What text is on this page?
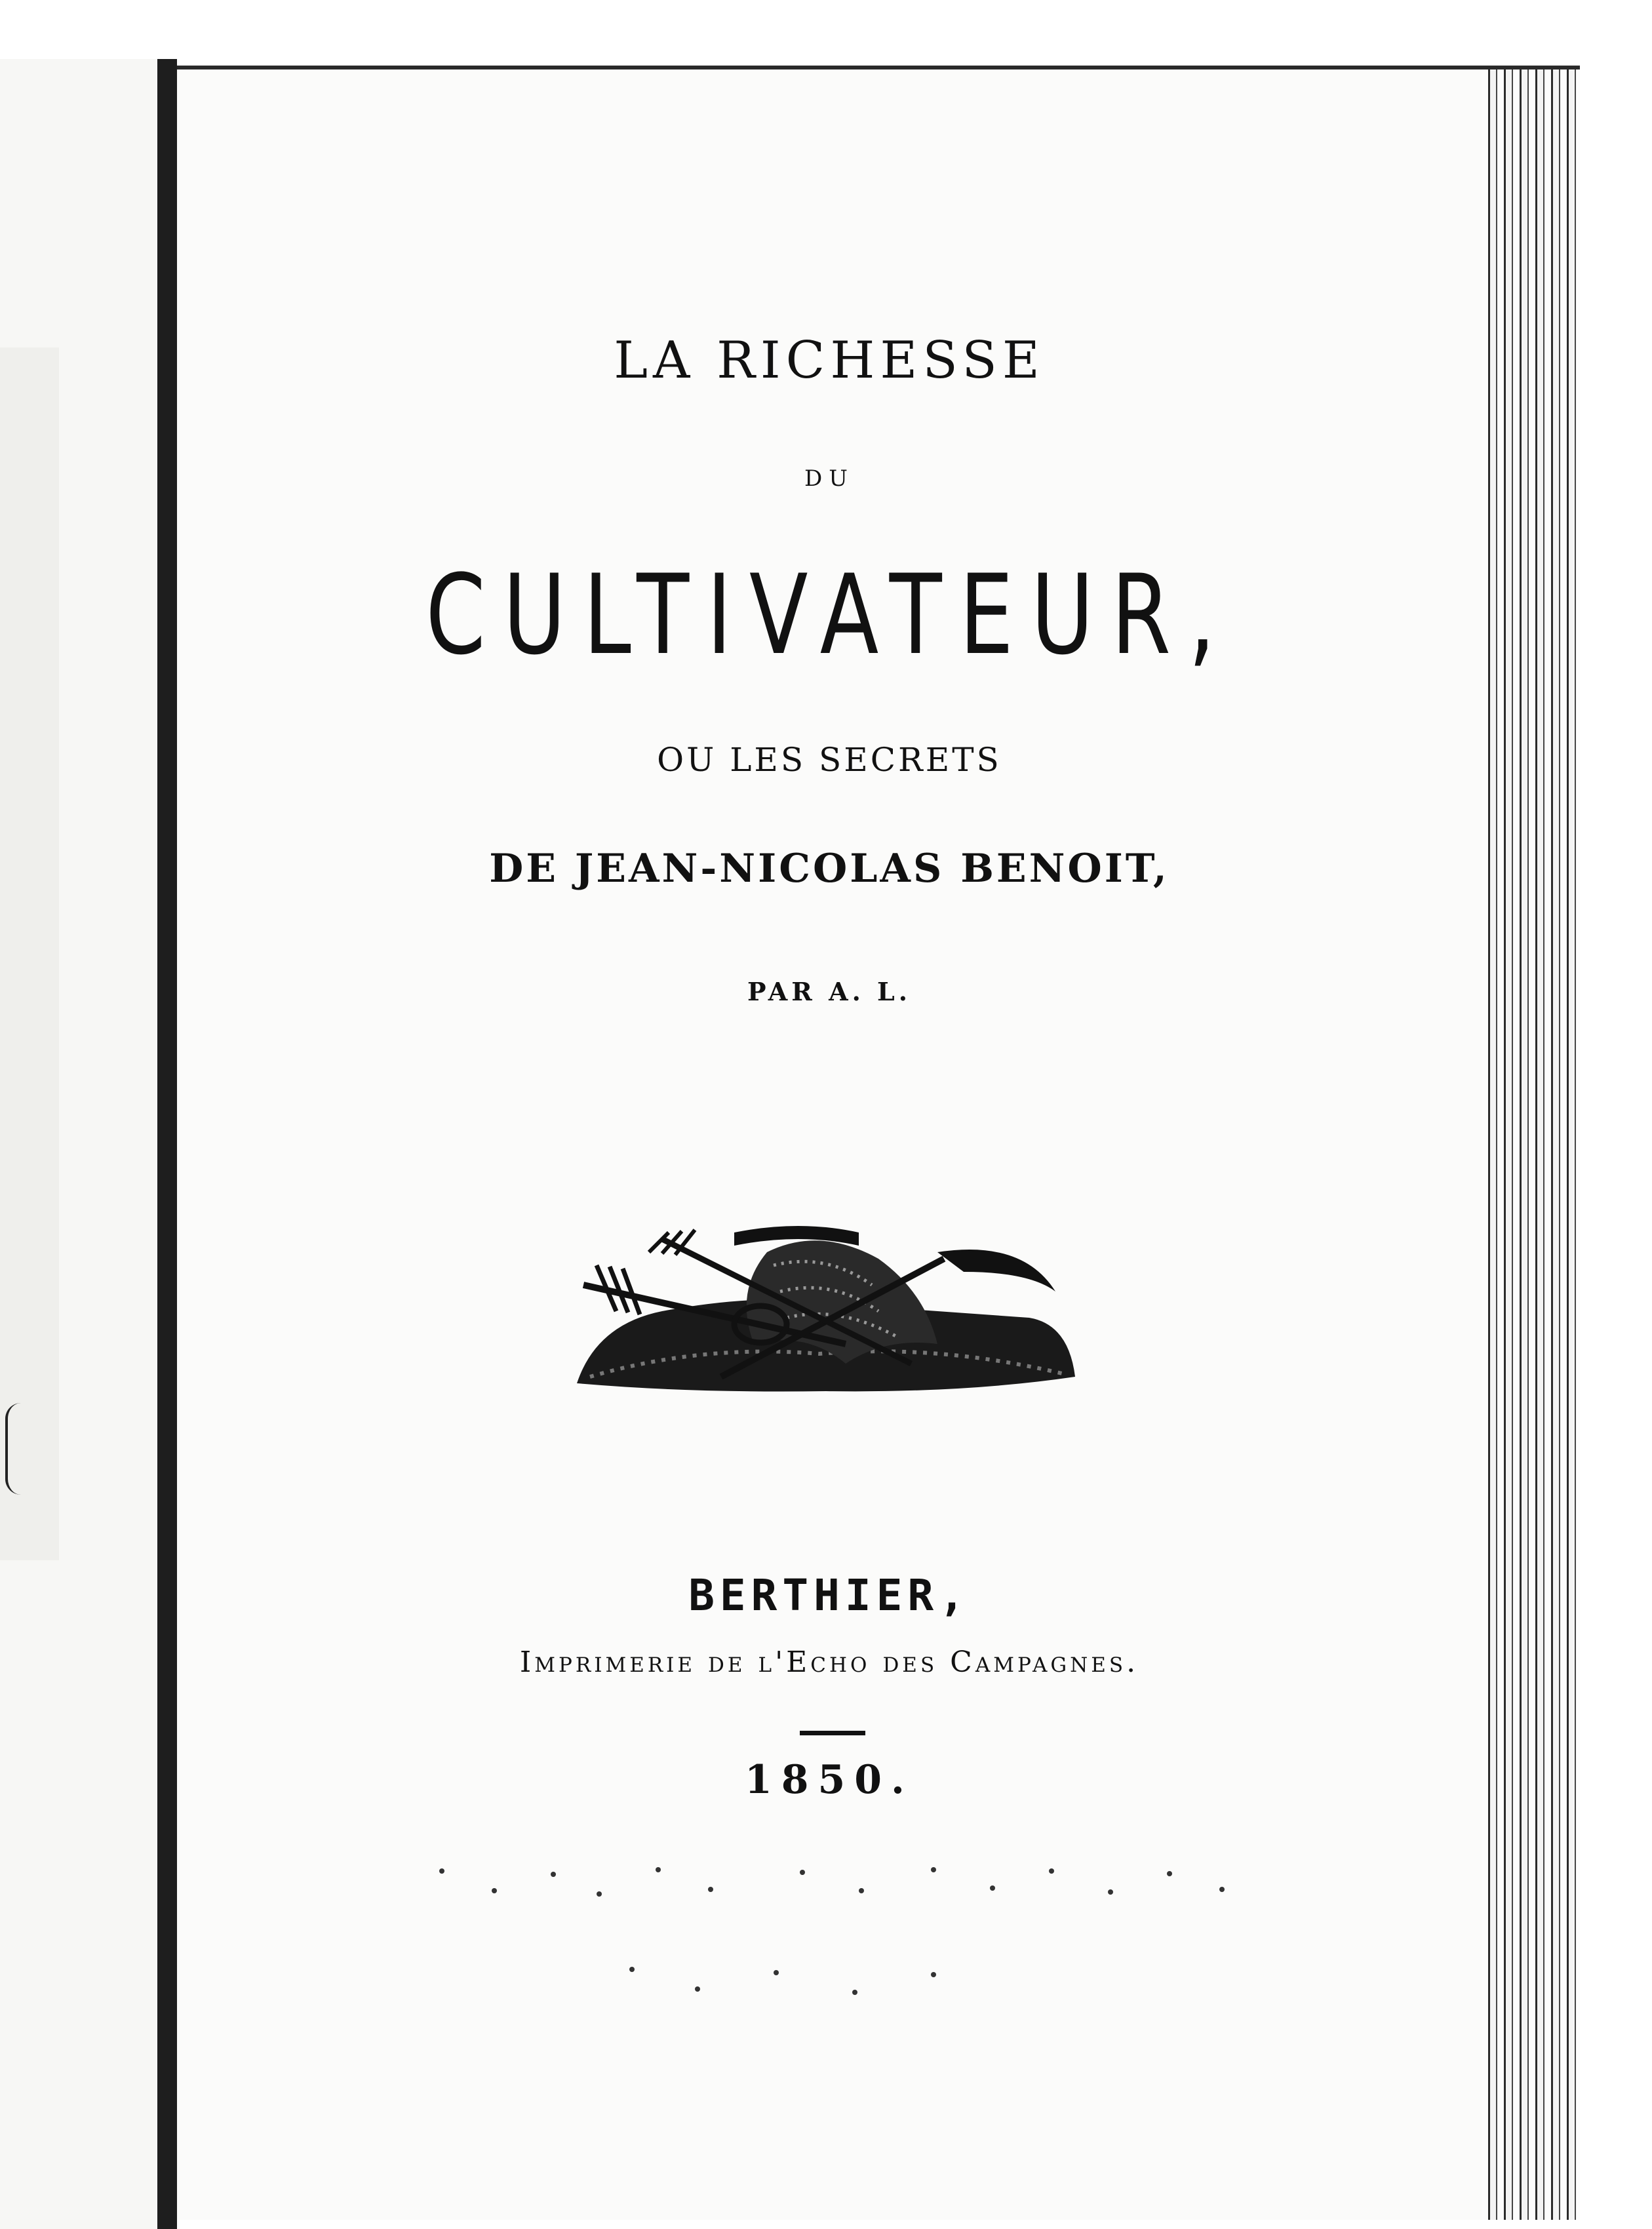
LA RICHESSE
DU
CULTIVATEUR,
OU LES SECRETS
DE JEAN-NICOLAS BENOIT,
PAR A. L.
BERTHIER,
Imprimerie de l'Echo des Campagnes.
1850.
